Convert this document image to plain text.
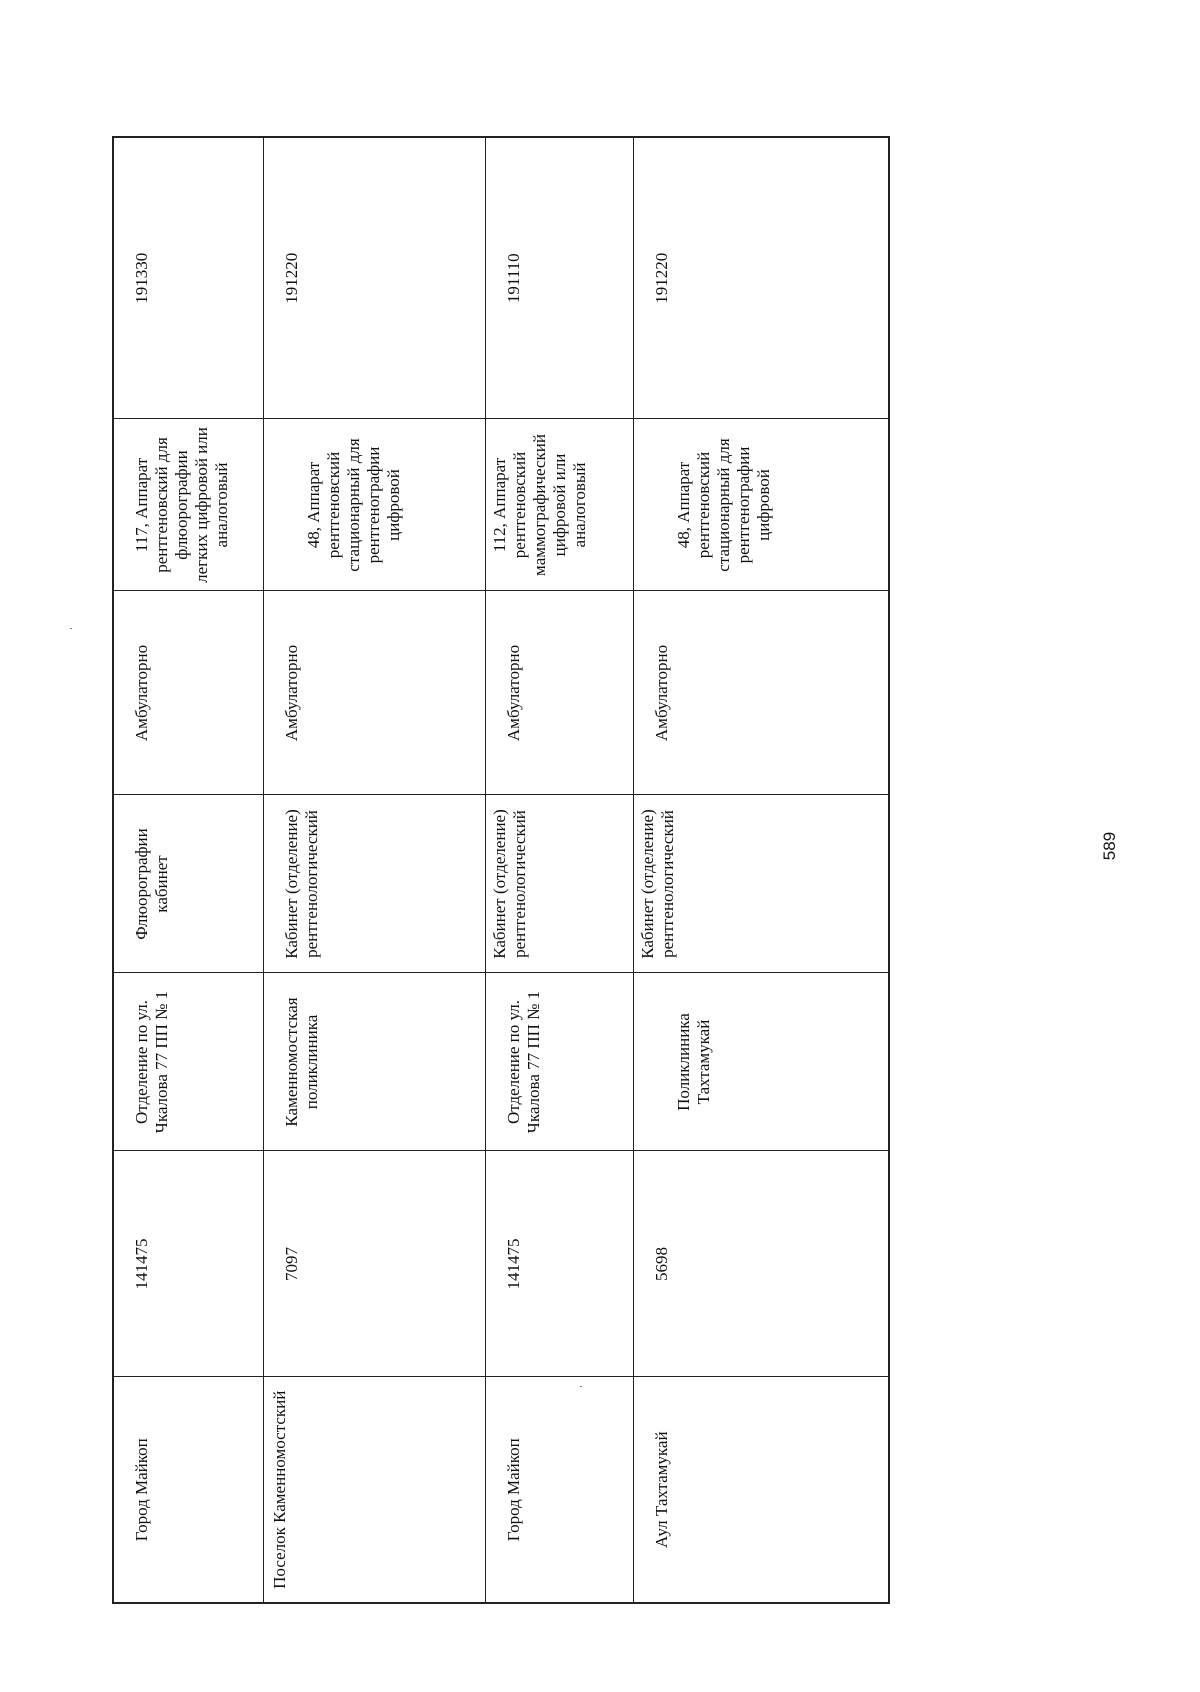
Город Майкоп	141475	Отделение по ул. Чкалова 77 ПП № 1	Флюорографии кабинет	Амбулаторно	117, Аппарат рентгеновский для флюорографии легких цифровой или аналоговый	191330
Поселок Каменномостский	7097	Каменномостская поликлиника	Кабинет (отделение) рентгенологический	Амбулаторно	48, Аппарат рентгеновский стационарный для рентгенографии цифровой	191220
Город Майкоп	141475	Отделение по ул. Чкалова 77 ПП № 1	Кабинет (отделение) рентгенологический	Амбулаторно	112, Аппарат рентгеновский маммографический цифровой или аналоговый	191110
Аул Тахтамукай	5698	Поликлиника Тахтамукай	Кабинет (отделение) рентгенологический	Амбулаторно	48, Аппарат рентгеновский стационарный для рентгенографии цифровой	191220
589
